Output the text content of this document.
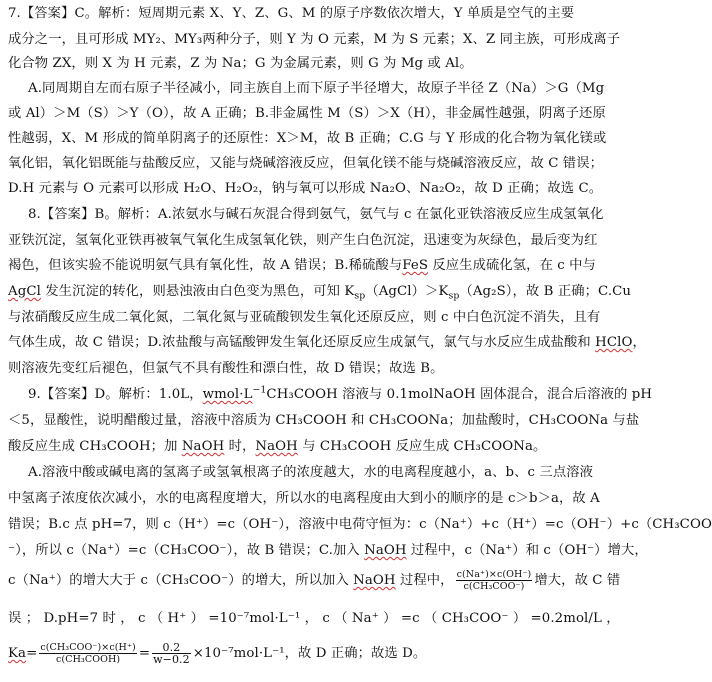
7.【答案】C。解析：短周期元素 X、Y、Z、G、M 的原子序数依次增大，Y 单质是空气的主要
成分之一，且可形成 MY₂、MY₃两种分子，则 Y 为 O 元素，M 为 S 元素；X、Z 同主族，可形成离子
化合物 ZX，则 X 为 H 元素，Z 为 Na；G 为金属元素，则 G 为 Mg 或 Al。
A.同周期自左而右原子半径减小，同主族自上而下原子半径增大，故原子半径 Z（Na）＞G（Mg
或 Al）＞M（S）＞Y（O），故 A 正确；B.非金属性 M（S）＞X（H），非金属性越强，阴离子还原
性越弱，X、M 形成的简单阴离子的还原性：X＞M，故 B 正确；C.G 与 Y 形成的化合物为氧化镁或
氧化铝，氧化铝既能与盐酸反应，又能与烧碱溶液反应，但氧化镁不能与烧碱溶液反应，故 C 错误；
D.H 元素与 O 元素可以形成 H₂O、H₂O₂，钠与氧可以形成 Na₂O、Na₂O₂，故 D 正确；故选 C。
8.【答案】B。解析：A.浓氨水与碱石灰混合得到氨气，氨气与 c 在氯化亚铁溶液反应生成氢氧化
亚铁沉淀，氢氧化亚铁再被氧气氧化生成氢氧化铁，则产生白色沉淀，迅速变为灰绿色，最后变为红
褐色，但该实验不能说明氨气具有氧化性，故 A 错误；B.稀硫酸与FeS 反应生成硫化氢，在 c 中与
AgCl 发生沉淀的转化，则悬浊液由白色变为黑色，可知 $K_{sp}(AgCl)>K_{sp}(Ag_2S)$，故 B 正确；C.Cu
与浓硝酸反应生成二氧化氮，二氧化氮与亚硫酸钡发生氧化还原反应，则 c 中白色沉淀不消失，且有
气体生成，故 C 错误；D.浓盐酸与高锰酸钾发生氧化还原反应生成氯气，氯气与水反应生成盐酸和 HClO，
则溶液先变红后褪色，但氯气不具有酸性和漂白性，故 D 错误；故选 B。
9.【答案】D。解析：1.0L，$wmol\cdot L^{-1}CH_3COOH$ 溶液与 0.1molNaOH 固体混合，混合后溶液的 pH
＜5，显酸性，说明醋酸过量，溶液中溶质为 CH₃COOH 和 CH₃COONa；加盐酸时，CH₃COONa 与盐
酸反应生成 CH₃COOH；加 NaOH 时，NaOH 与 CH₃COOH 反应生成 CH₃COONa。
A.溶液中酸或碱电离的氢离子或氢氧根离子的浓度越大，水的电离程度越小，a、b、c 三点溶液
中氢离子浓度依次减小，水的电离程度增大，所以水的电离程度由大到小的顺序的是 c＞b＞a，故 A
错误；B.c 点 pH=7，则 c（H⁺）=c（OH⁻），溶液中电荷守恒为：c（Na⁺）+c（H⁺）=c（OH⁻）+c（CH₃COO
⁻），所以 c（Na⁺）=c（CH₃COO⁻），故 B 错误；C.加入 NaOH 过程中，c（Na⁺）和 c（OH⁻）增大，
c（Na⁺）的增大大于 c（CH₃COO⁻）的增大，所以加入 NaOH 过程中， $\frac{c(Na^+)\times c(OH^-)}{\text{c(CH₃COO⁻)}}$ 增大，故 C 错
误 ； D.pH=7 时 ， c （ H⁺ ） =10⁻⁷mol·L⁻¹ ， c （ Na⁺ ） =c （ CH₃COO⁻ ） =0.2mol/L ，
$Ka= \frac{\text{c(CH₃COO⁻)×c(H⁺)}}{\text{c(CH₃COOH)}} = \frac{0.2}{w-0.2} \times 10^{-7}mol\cdot L^{-1}$，故 D 正确；故选 D。
